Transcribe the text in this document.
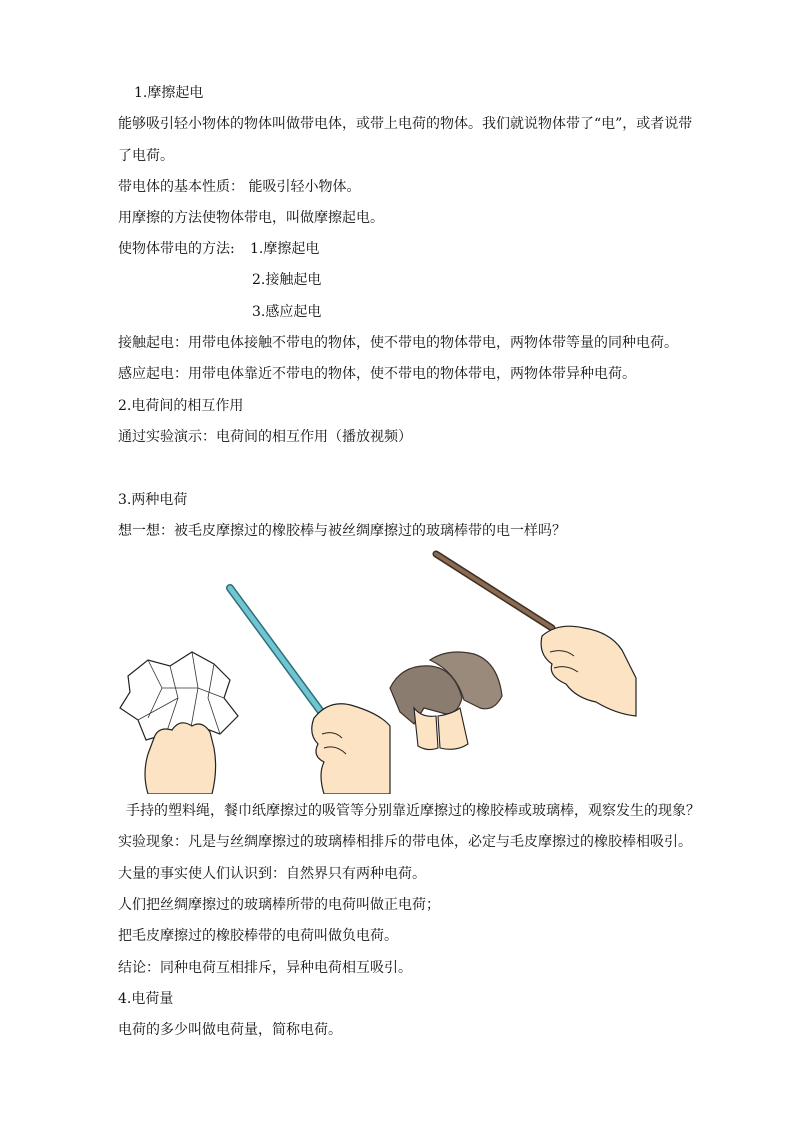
1.摩擦起电
能够吸引轻小物体的物体叫做带电体，或带上电荷的物体。我们就说物体带了“电”，或者说带
了电荷。
带电体的基本性质： 能吸引轻小物体。
用摩擦的方法使物体带电，叫做摩擦起电。
使物体带电的方法: 1.摩擦起电
2.接触起电
3.感应起电
接触起电：用带电体接触不带电的物体，使不带电的物体带电，两物体带等量的同种电荷。
感应起电：用带电体靠近不带电的物体，使不带电的物体带电，两物体带异种电荷。
2.电荷间的相互作用
通过实验演示：电荷间的相互作用（播放视频）
3.两种电荷
想一想：被毛皮摩擦过的橡胶棒与被丝绸摩擦过的玻璃棒带的电一样吗？
手持的塑料绳，餐巾纸摩擦过的吸管等分别靠近摩擦过的橡胶棒或玻璃棒，观察发生的现象？
实验现象：凡是与丝绸摩擦过的玻璃棒相排斥的带电体，必定与毛皮摩擦过的橡胶棒相吸引。
大量的事实使人们认识到：自然界只有两种电荷。
人们把丝绸摩擦过的玻璃棒所带的电荷叫做正电荷；
把毛皮摩擦过的橡胶棒带的电荷叫做负电荷。
结论：同种电荷互相排斥，异种电荷相互吸引。
4.电荷量
电荷的多少叫做电荷量，简称电荷。
